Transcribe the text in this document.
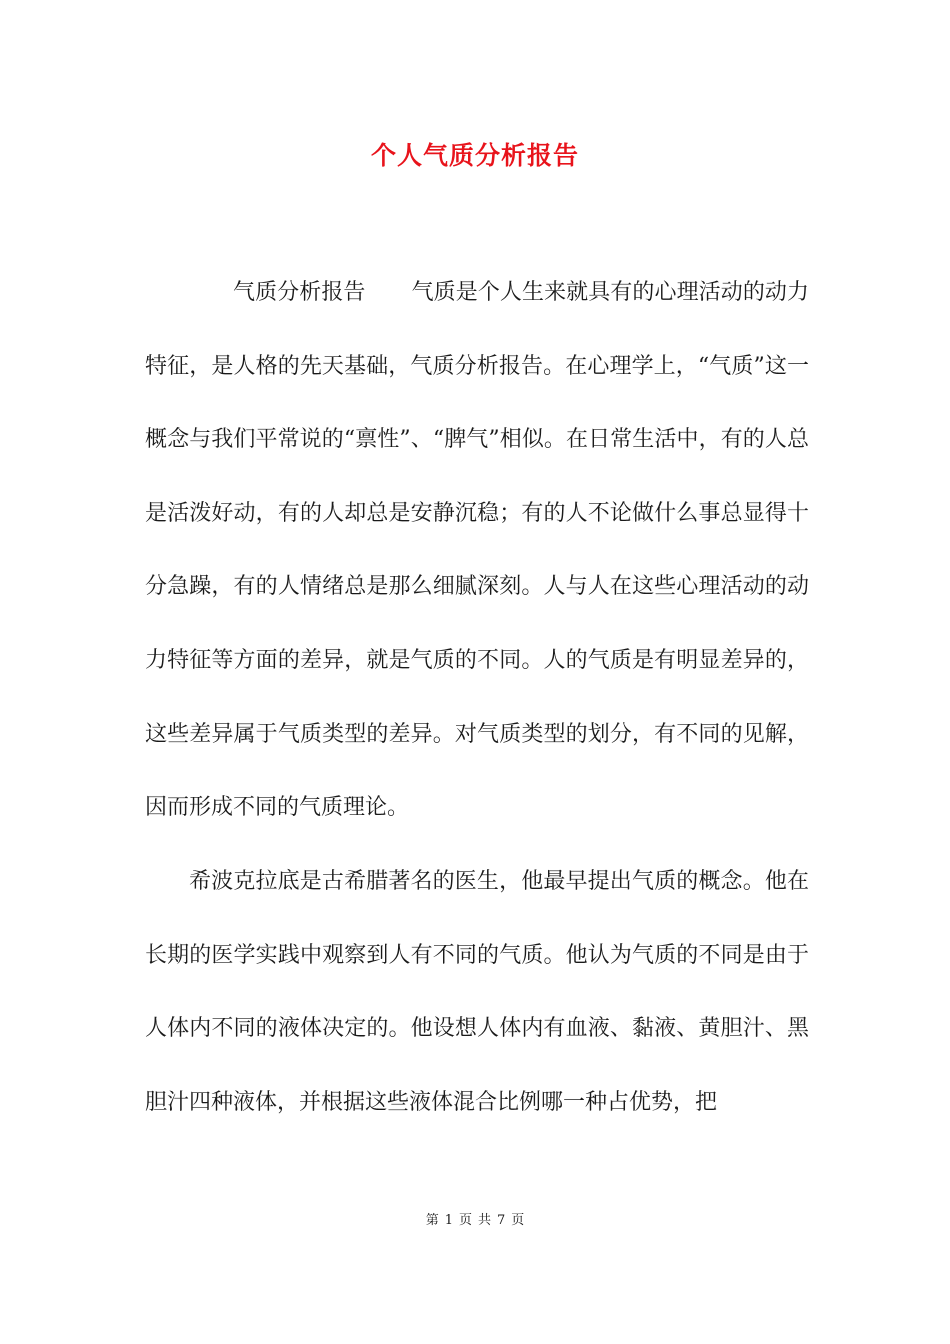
个人气质分析报告

气质分析报告 气质是个人生来就具有的心理活动的动力特征，是人格的先天基础，气质分析报告。在心理学上，“气质”这一概念与我们平常说的“禀性”、“脾气”相似。在日常生活中，有的人总是活泼好动，有的人却总是安静沉稳；有的人不论做什么事总显得十分急躁，有的人情绪总是那么细腻深刻。人与人在这些心理活动的动力特征等方面的差异，就是气质的不同。人的气质是有明显差异的，这些差异属于气质类型的差异。对气质类型的划分，有不同的见解，因而形成不同的气质理论。

希波克拉底是古希腊著名的医生，他最早提出气质的概念。他在长期的医学实践中观察到人有不同的气质。他认为气质的不同是由于人体内不同的液体决定的。他设想人体内有血液、黏液、黄胆汁、黑胆汁四种液体，并根据这些液体混合比例哪一种占优势，把

第 1 页 共 7 页
